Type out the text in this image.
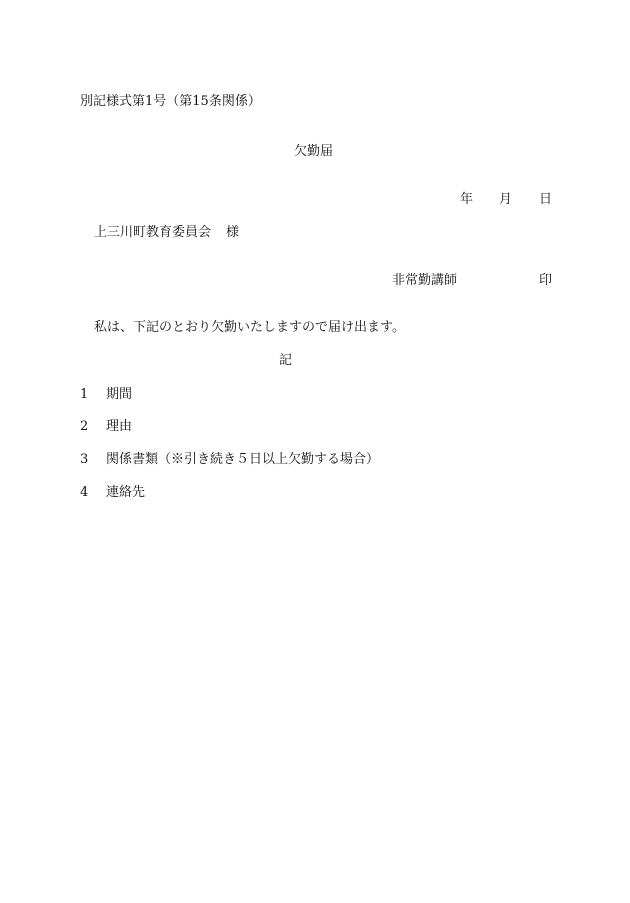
別記様式第1号（第15条関係）
欠勤届
年 月 日
上三川町教育委員会 様
非常勤講師	印
私は、下記のとおり欠勤いたしますので届け出ます。
記
1 期間
2 理由
3 関係書類（※引き続き５日以上欠勤する場合）
4 連絡先
